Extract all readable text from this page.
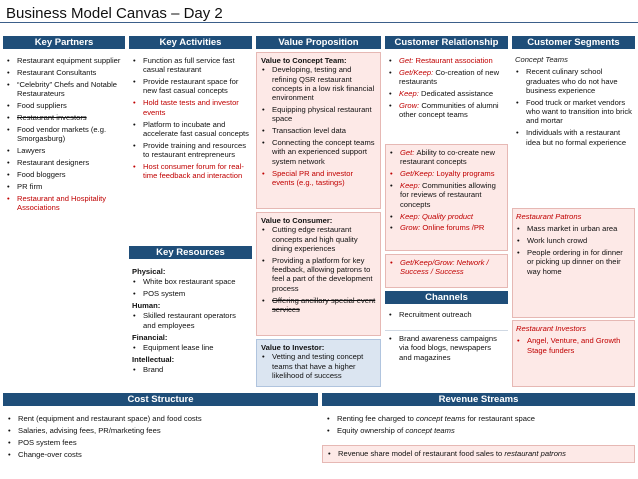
Business Model Canvas – Day 2
Key Partners
• Restaurant equipment supplier
• Restaurant Consultants
• “Celebrity” Chefs and Notable Restaurateurs
• Food suppliers
• Restaurant investors
• Food vendor markets (e.g. Smorgasburg)
• Lawyers
• Restaurant designers
• Food bloggers
• PR firm
• Restaurant and Hospitality Associations
Key Activities
• Function as full service fast casual restaurant
• Provide restaurant space for new fast casual concepts
• Hold taste tests and investor events
• Platform to incubate and accelerate fast casual concepts
• Provide training and resources to restaurant entrepreneurs
• Host consumer forum for real-time feedback and interaction
Key Resources
Physical:
• White box restaurant space
• POS system
Human:
• Skilled restaurant operators and employees
Financial:
• Equipment lease line
Intellectual:
• Brand
Value Proposition
Value to Concept Team:
• Developing, testing and refining QSR restaurant concepts in a low risk financial environment
• Equipping physical restaurant space
• Transaction level data
• Connecting the concept teams with an experienced support system network
• Special PR and investor events (e.g., tastings)
Value to Consumer:
• Cutting edge restaurant concepts and high quality dining experiences
• Providing a platform for key feedback, allowing patrons to feel a part of the development process
• Offering ancillary special event services
Value to Investor:
• Vetting and testing concept teams that have a higher likelihood of success
Customer Relationship
• Get: Restaurant association
• Get/Keep: Co-creation of new restaurants
• Keep: Dedicated assistance
• Grow: Communities of alumni other concept teams
• Get: Ability to co-create new restaurant concepts
• Get/Keep: Loyalty programs
• Keep: Communities allowing for reviews of restaurant concepts
• Keep: Quality product
• Grow: Online forums /PR
• Get/Keep/Grow: Network / Success / Success
Channels
• Recruitment outreach
• Brand awareness campaigns via food blogs, newspapers and magazines
Customer Segments
Concept Teams
• Recent culinary school graduates who do not have business experience
• Food truck or market vendors who want to transition into brick and mortar
• Individuals with a restaurant idea but no formal experience
Restaurant Patrons
• Mass market in urban area
• Work lunch crowd
• People ordering in for dinner or picking up dinner on their way home
Restaurant Investors
• Angel, Venture, and Growth Stage funders
Cost Structure
• Rent (equipment and restaurant space) and food costs
• Salaries, advising fees, PR/marketing fees
• POS system fees
• Change-over costs
Revenue Streams
• Renting fee charged to concept teams for restaurant space
• Equity ownership of concept teams
• Revenue share model of restaurant food sales to restaurant patrons
